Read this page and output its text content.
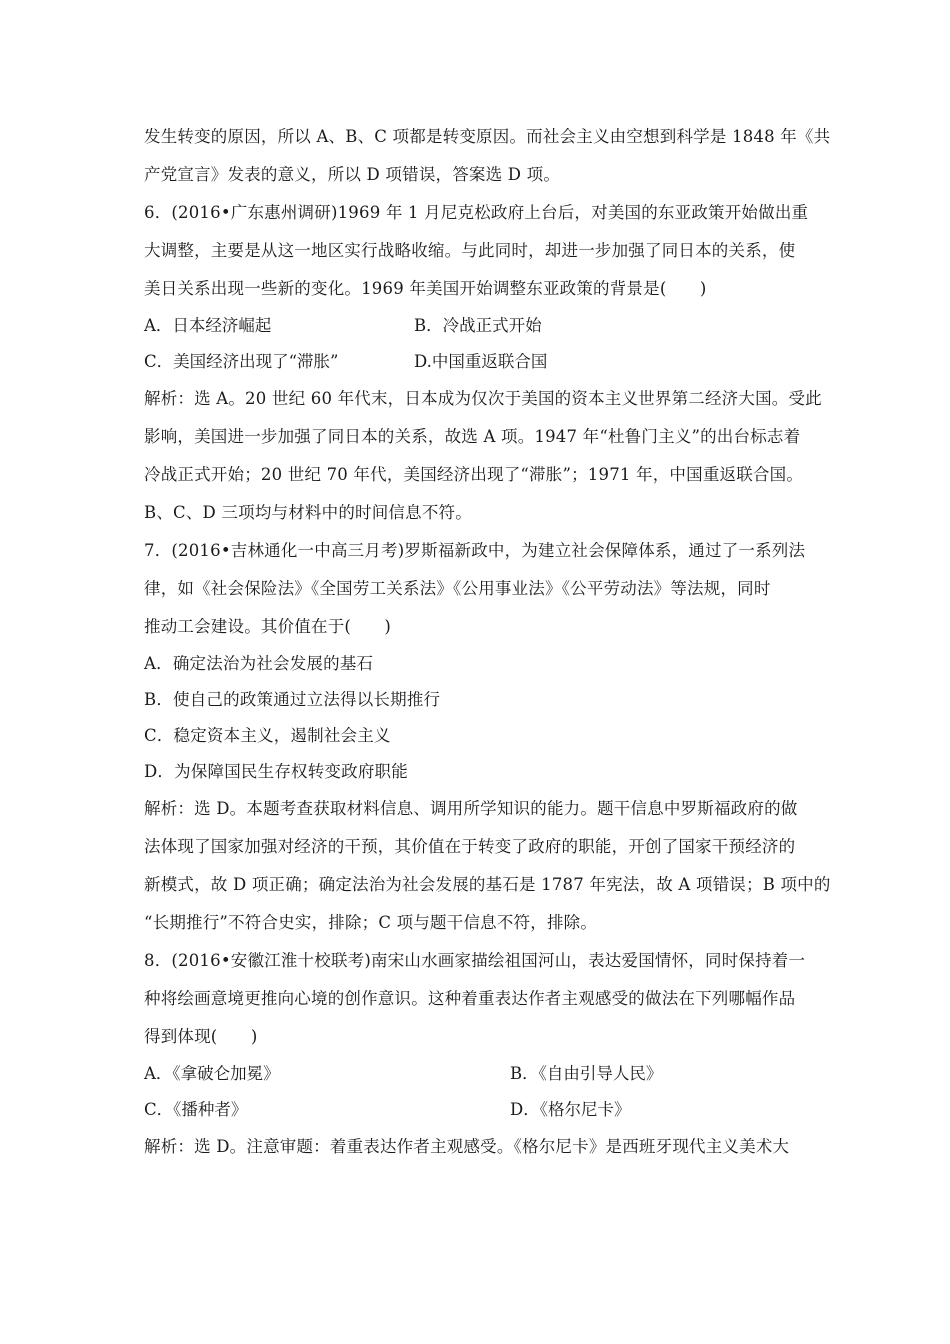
发生转变的原因，所以 A、B、C 项都是转变原因。而社会主义由空想到科学是 1848 年《共
产党宣言》发表的意义，所以 D 项错误，答案选 D 项。
6．(2016•广东惠州调研)1969 年 1 月尼克松政府上台后，对美国的东亚政策开始做出重
大调整，主要是从这一地区实行战略收缩。与此同时，却进一步加强了同日本的关系，使
美日关系出现一些新的变化。1969 年美国开始调整东亚政策的背景是(　　)
A．日本经济崛起	B．冷战正式开始
C．美国经济出现了“滞胀”	D.中国重返联合国
解析：选 A。20 世纪 60 年代末，日本成为仅次于美国的资本主义世界第二经济大国。受此
影响，美国进一步加强了同日本的关系，故选 A 项。1947 年“杜鲁门主义”的出台标志着
冷战正式开始；20 世纪 70 年代，美国经济出现了“滞胀”；1971 年，中国重返联合国。
B、C、D 三项均与材料中的时间信息不符。
7．(2016•吉林通化一中高三月考)罗斯福新政中，为建立社会保障体系，通过了一系列法
律，如《社会保险法》《全国劳工关系法》《公用事业法》《公平劳动法》等法规，同时
推动工会建设。其价值在于(　　)
A．确定法治为社会发展的基石
B．使自己的政策通过立法得以长期推行
C．稳定资本主义，遏制社会主义
D．为保障国民生存权转变政府职能
解析：选 D。本题考查获取材料信息、调用所学知识的能力。题干信息中罗斯福政府的做
法体现了国家加强对经济的干预，其价值在于转变了政府的职能，开创了国家干预经济的
新模式，故 D 项正确；确定法治为社会发展的基石是 1787 年宪法，故 A 项错误；B 项中的
“长期推行”不符合史实，排除；C 项与题干信息不符，排除。
8．(2016•安徽江淮十校联考)南宋山水画家描绘祖国河山，表达爱国情怀，同时保持着一
种将绘画意境更推向心境的创作意识。这种着重表达作者主观感受的做法在下列哪幅作品
得到体现(　　)
A．《拿破仑加冕》	B．《自由引导人民》
C．《播种者》	D．《格尔尼卡》
解析：选 D。注意审题：着重表达作者主观感受。《格尔尼卡》是西班牙现代主义美术大
